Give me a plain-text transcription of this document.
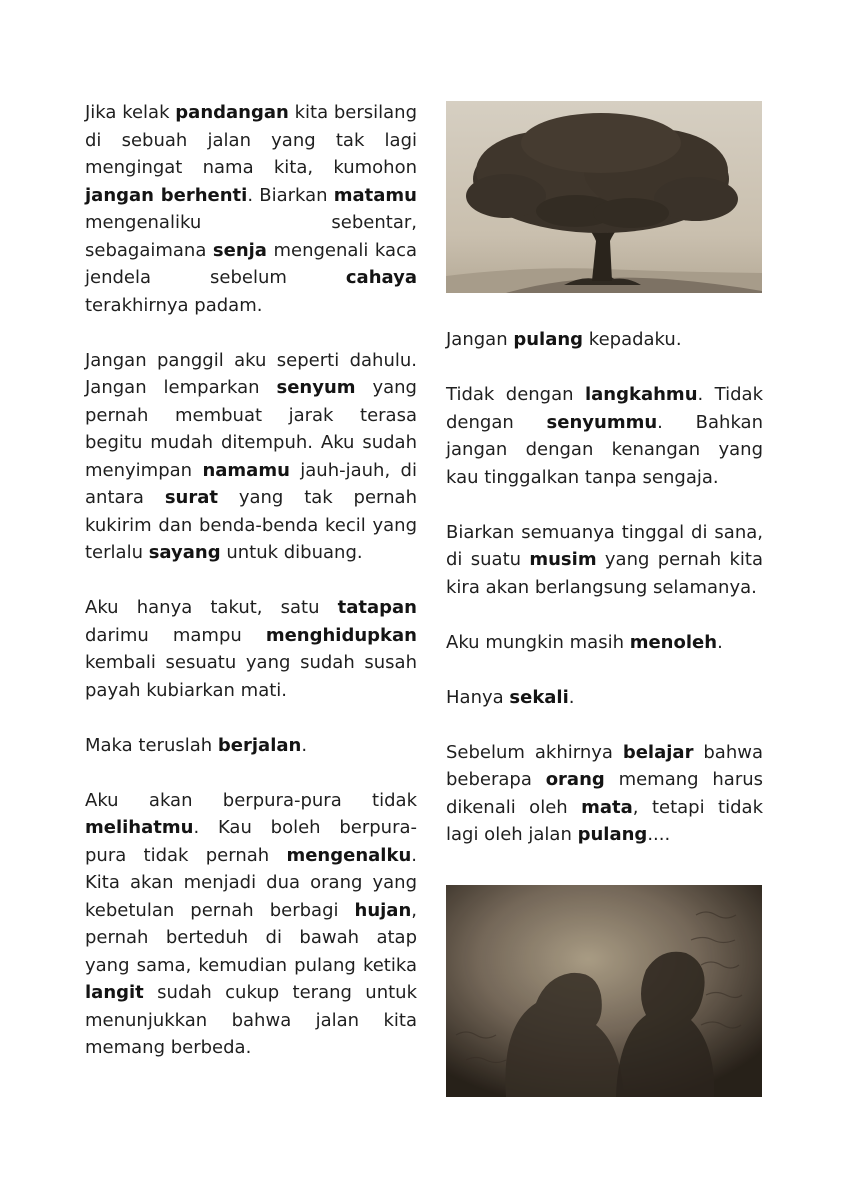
Jika kelak pandangan kita bersilang di sebuah jalan yang tak lagi mengingat nama kita, kumohon jangan berhenti. Biarkan matamu mengenaliku sebentar, sebagaimana senja mengenali kaca jendela sebelum cahaya terakhirnya padam.

Jangan panggil aku seperti dahulu. Jangan lemparkan senyum yang pernah membuat jarak terasa begitu mudah ditempuh. Aku sudah menyimpan namamu jauh-jauh, di antara surat yang tak pernah kukirim dan benda-benda kecil yang terlalu sayang untuk dibuang.

Aku hanya takut, satu tatapan darimu mampu menghidupkan kembali sesuatu yang sudah susah payah kubiarkan mati.

Maka teruslah berjalan.

Aku akan berpura-pura tidak melihatmu. Kau boleh berpura-pura tidak pernah mengenalku. Kita akan menjadi dua orang yang kebetulan pernah berbagi hujan, pernah berteduh di bawah atap yang sama, kemudian pulang ketika langit sudah cukup terang untuk menunjukkan bahwa jalan kita memang berbeda.

Jangan pulang kepadaku.

Tidak dengan langkahmu. Tidak dengan senyummu. Bahkan jangan dengan kenangan yang kau tinggalkan tanpa sengaja.

Biarkan semuanya tinggal di sana, di suatu musim yang pernah kita kira akan berlangsung selamanya.

Aku mungkin masih menoleh.

Hanya sekali.

Sebelum akhirnya belajar bahwa beberapa orang memang harus dikenali oleh mata, tetapi tidak lagi oleh jalan pulang....
